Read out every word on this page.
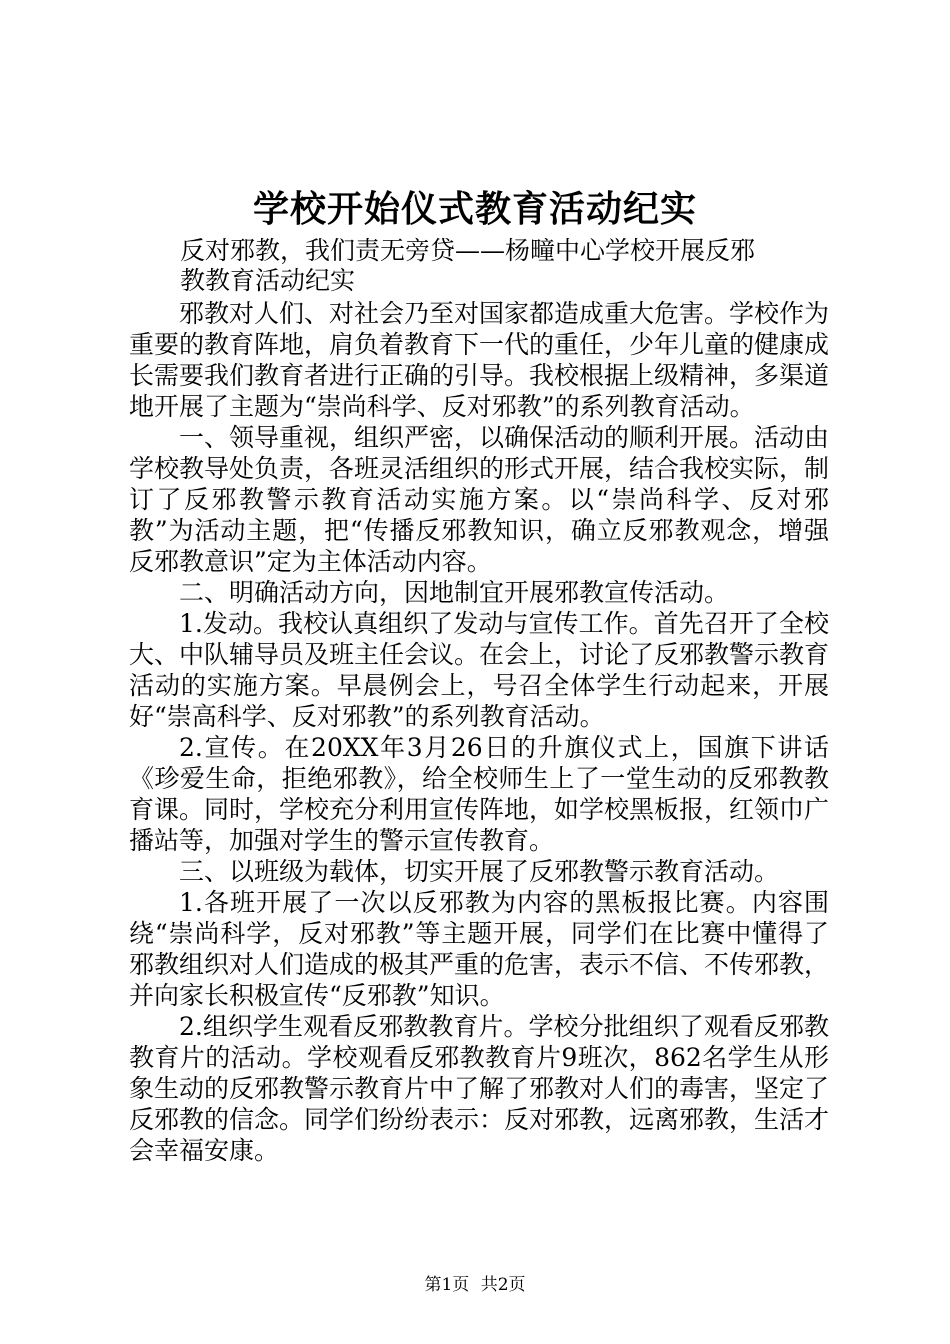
学校开始仪式教育活动纪实
反对邪教，我们责无旁贷——杨疃中心学校开展反邪
教教育活动纪实

邪教对人们、对社会乃至对国家都造成重大危害。学校作为重要的教育阵地，肩负着教育下一代的重任，少年儿童的健康成长需要我们教育者进行正确的引导。我校根据上级精神，多渠道地开展了主题为“崇尚科学、反对邪教”的系列教育活动。

一、领导重视，组织严密，以确保活动的顺利开展。活动由学校教导处负责，各班灵活组织的形式开展，结合我校实际，制订了反邪教警示教育活动实施方案。以“崇尚科学、反对邪教”为活动主题，把“传播反邪教知识，确立反邪教观念，增强反邪教意识”定为主体活动内容。

二、明确活动方向，因地制宜开展邪教宣传活动。

1.发动。我校认真组织了发动与宣传工作。首先召开了全校大、中队辅导员及班主任会议。在会上，讨论了反邪教警示教育活动的实施方案。早晨例会上，号召全体学生行动起来，开展好“崇高科学、反对邪教”的系列教育活动。

2.宣传。在20XX年3月26日的升旗仪式上，国旗下讲话《珍爱生命，拒绝邪教》，给全校师生上了一堂生动的反邪教教育课。同时，学校充分利用宣传阵地，如学校黑板报，红领巾广播站等，加强对学生的警示宣传教育。

三、以班级为载体，切实开展了反邪教警示教育活动。

1.各班开展了一次以反邪教为内容的黑板报比赛。内容围绕“崇尚科学，反对邪教”等主题开展，同学们在比赛中懂得了邪教组织对人们造成的极其严重的危害，表示不信、不传邪教，并向家长积极宣传“反邪教”知识。

2.组织学生观看反邪教教育片。学校分批组织了观看反邪教教育片的活动。学校观看反邪教教育片9班次，862名学生从形象生动的反邪教警示教育片中了解了邪教对人们的毒害，坚定了反邪教的信念。同学们纷纷表示：反对邪教，远离邪教，生活才会幸福安康。

第1页 共2页
